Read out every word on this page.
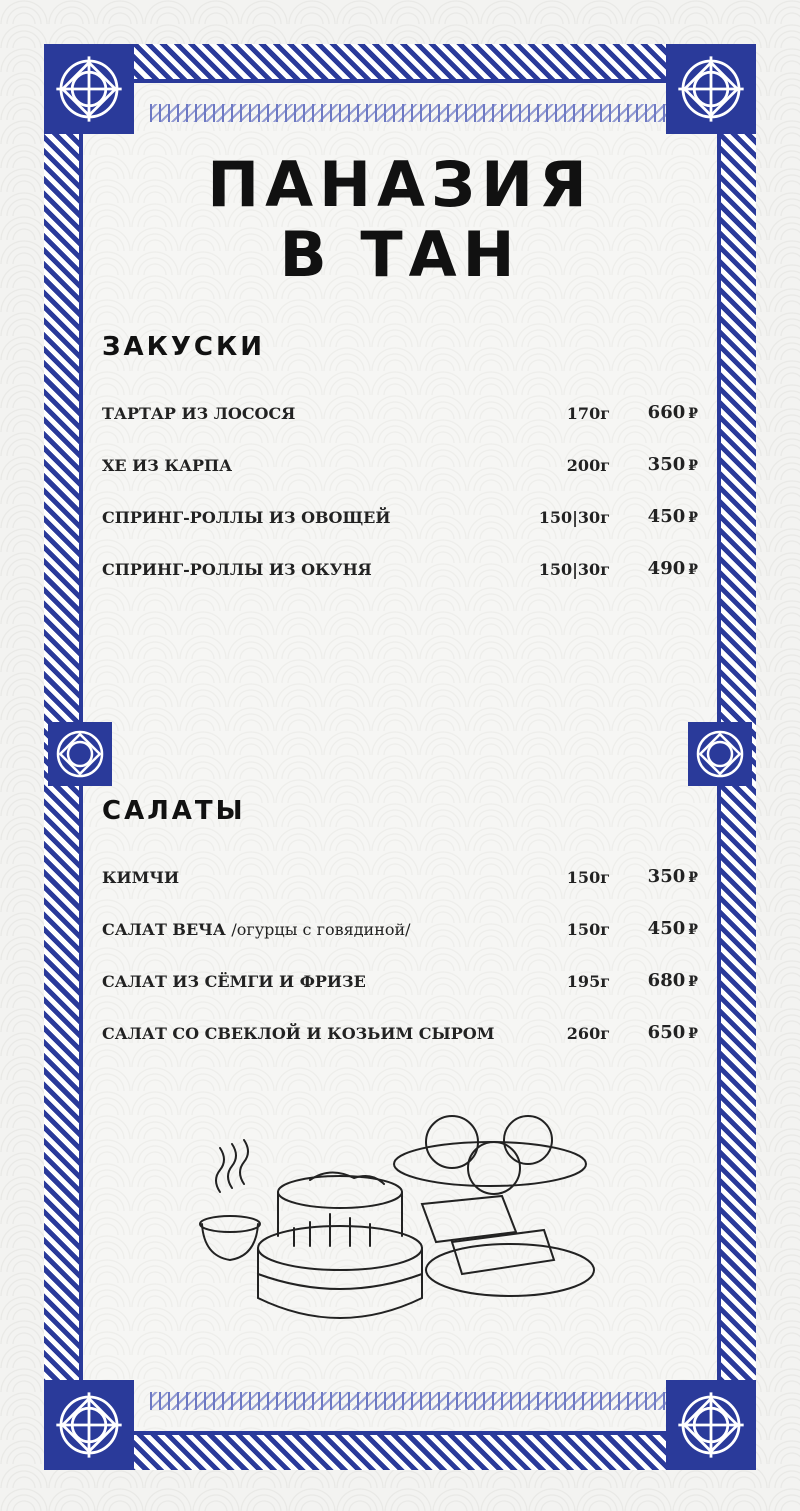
ПАНАЗИЯ
В ТАН
ЗАКУСКИ
ТАРТАР ИЗ ЛОСОСЯ	170г 660 ₽
ХЕ ИЗ КАРПА	200г 350 ₽
СПРИНГ-РОЛЛЫ ИЗ ОВОЩЕЙ	150|30г 450 ₽
СПРИНГ-РОЛЛЫ ИЗ ОКУНЯ	150|30г 490 ₽
САЛАТЫ
КИМЧИ	150г 350 ₽
САЛАТ ВЕЧА /огурцы с говядиной/	150г 450 ₽
САЛАТ ИЗ СЁМГИ И ФРИЗЕ	195г 680 ₽
САЛАТ СО СВЕКЛОЙ И КОЗЬИМ СЫРОМ	260г 650 ₽
